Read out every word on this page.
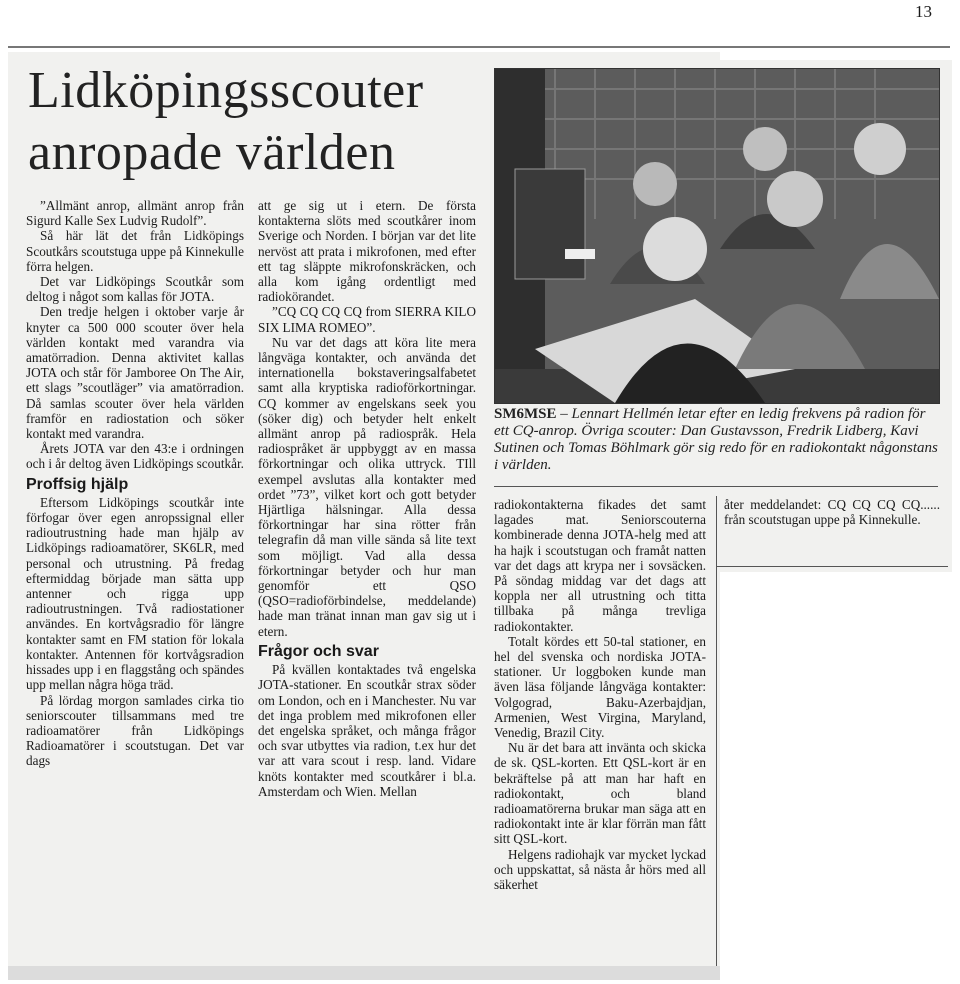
13
Lidköpingsscouter anropade världen
SM6MSE – Lennart Hellmén letar efter en ledig frekvens på radion för ett CQ-anrop. Övriga scouter: Dan Gustavsson, Fredrik Lidberg, Kavi Sutinen och Tomas Böhlmark gör sig redo för en radiokontakt någonstans i världen.

”Allmänt anrop, allmänt anrop från Sigurd Kalle Sex Ludvig Rudolf”.

Så här lät det från Lidköpings Scoutkårs scoutstuga uppe på Kinnekulle förra helgen.

Det var Lidköpings Scoutkår som deltog i något som kallas för JOTA.

Den tredje helgen i oktober varje år knyter ca 500 000 scouter över hela världen kontakt med varandra via amatörradion. Denna aktivitet kallas JOTA och står för Jamboree On The Air, ett slags ”scoutläger” via amatörradion. Då samlas scouter över hela världen framför en radiostation och söker kontakt med varandra.

Årets JOTA var den 43:e i ordningen och i år deltog även Lidköpings scoutkår.

Proffsig hjälp

Eftersom Lidköpings scoutkår inte förfogar över egen anropssignal eller radioutrustning hade man hjälp av Lidköpings radioamatörer, SK6LR, med personal och utrustning. På fredag eftermiddag började man sätta upp antenner och rigga upp radioutrustningen. Två radiostationer användes. En kortvågsradio för längre kontakter samt en FM station för lokala kontakter. Antennen för kortvågsradion hissades upp i en flaggstång och spändes upp mellan några höga träd.

På lördag morgon samlades cirka tio seniorscouter tillsammans med tre radioamatörer från Lidköpings Radioamatörer i scoutstugan. Det var dags

att ge sig ut i etern. De första kontakterna slöts med scoutkårer inom Sverige och Norden. I början var det lite nervöst att prata i mikrofonen, med efter ett tag släppte mikrofonskräcken, och alla kom igång ordentligt med radiokörandet.

”CQ CQ CQ CQ from SIERRA KILO SIX LIMA ROMEO”.

Nu var det dags att köra lite mera långväga kontakter, och använda det internationella bokstaveringsalfabetet samt alla kryptiska radioförkortningar. CQ kommer av engelskans seek you (söker dig) och betyder helt enkelt allmänt anrop på radiospråk. Hela radiospråket är uppbyggt av en massa förkortningar och olika uttryck. TIll exempel avslutas alla kontakter med ordet ”73”, vilket kort och gott betyder Hjärtliga hälsningar. Alla dessa förkortningar har sina rötter från telegrafin då man ville sända så lite text som möjligt. Vad alla dessa förkortningar betyder och hur man genomför ett QSO (QSO=radioförbindelse, meddelande) hade man tränat innan man gav sig ut i etern.

Frågor och svar

På kvällen kontaktades två engelska JOTA-stationer. En scoutkår strax söder om London, och en i Manchester. Nu var det inga problem med mikrofonen eller det engelska språket, och många frågor och svar utbyttes via radion, t.ex hur det var att vara scout i resp. land. Vidare knöts kontakter med scoutkårer i bl.a. Amsterdam och Wien. Mellan

radiokontakterna fikades det samt lagades mat. Seniorscouterna kombinerade denna JOTA-helg med att ha hajk i scoutstugan och framåt natten var det dags att krypa ner i sovsäcken. På söndag middag var det dags att koppla ner all utrustning och titta tillbaka på många trevliga radiokontakter.

Totalt kördes ett 50-tal stationer, en hel del svenska och nordiska JOTA-stationer. Ur loggboken kunde man även läsa följande långväga kontakter: Volgograd, Baku-Azerbajdjan, Armenien, West Virgina, Maryland, Venedig, Brazil City.

Nu är det bara att invänta och skicka de sk. QSL-korten. Ett QSL-kort är en bekräftelse på att man har haft en radiokontakt, och bland radioamatörerna brukar man säga att en radiokontakt inte är klar förrän man fått sitt QSL-kort.

Helgens radiohajk var mycket lyckad och uppskattat, så nästa år hörs med all säkerhet

åter meddelandet: CQ CQ CQ CQ...... från scoutstugan uppe på Kinnekulle.
